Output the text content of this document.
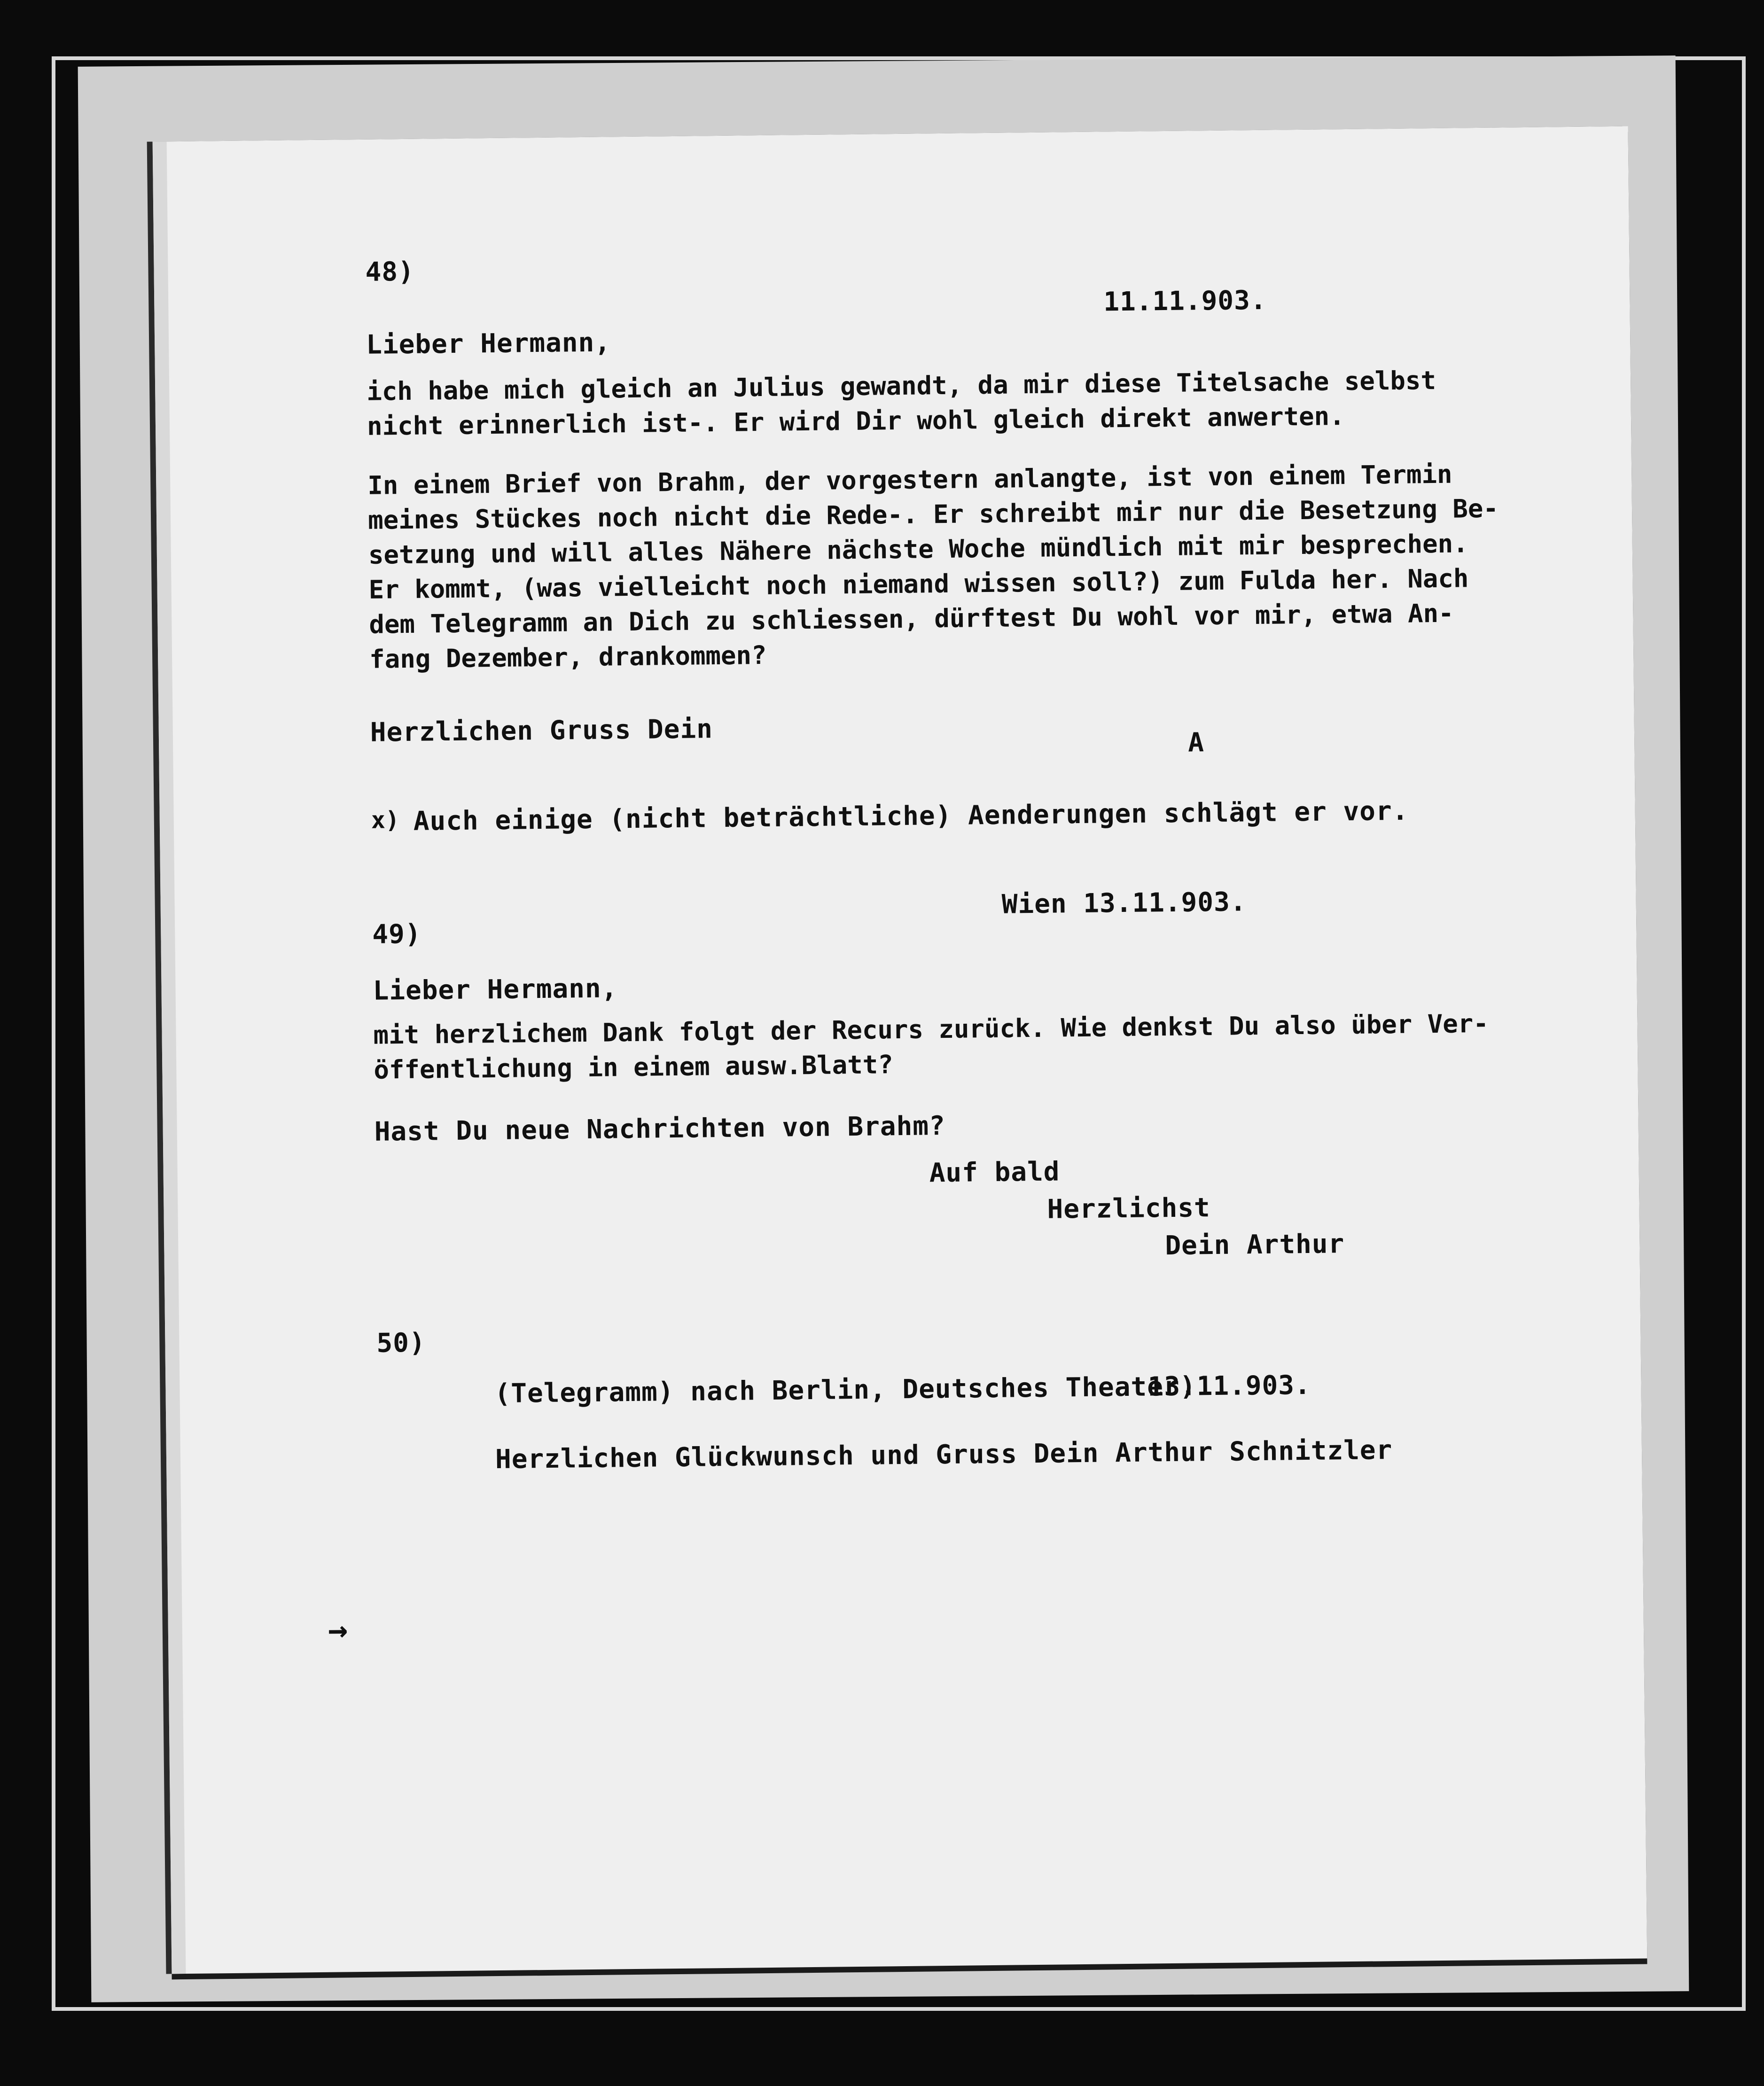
48)
11.11.903.
Lieber Hermann,
ich habe mich gleich an Julius gewandt, da mir diese Titelsache selbst
nicht erinnerlich ist-. Er wird Dir wohl gleich direkt anwerten.
In einem Brief von Brahm, der vorgestern anlangte, ist von einem Termin
meines Stückes noch nicht die Rede-. Er schreibt mir nur die Besetzung Be-
setzung und will alles Nähere nächste Woche mündlich mit mir besprechen.
Er kommt, (was vielleicht noch niemand wissen soll?) zum Fulda her. Nach
dem Telegramm an Dich zu schliessen, dürftest Du wohl vor mir, etwa An-
fang Dezember, drankommen?
Herzlichen Gruss Dein	A
x) Auch einige (nicht beträchtliche) Aenderungen schlägt er vor.
Wien 13.11.903.
49)
Lieber Hermann,
mit herzlichem Dank folgt der Recurs zurück. Wie denkst Du also über Ver-
öffentlichung in einem ausw.Blatt?
Hast Du neue Nachrichten von Brahm?
Auf bald
Herzlichst
Dein Arthur
50)
(Telegramm) nach Berlin, Deutsches Theater)
13.11.903.
Herzlichen Glückwunsch und Gruss Dein Arthur Schnitzler
→
